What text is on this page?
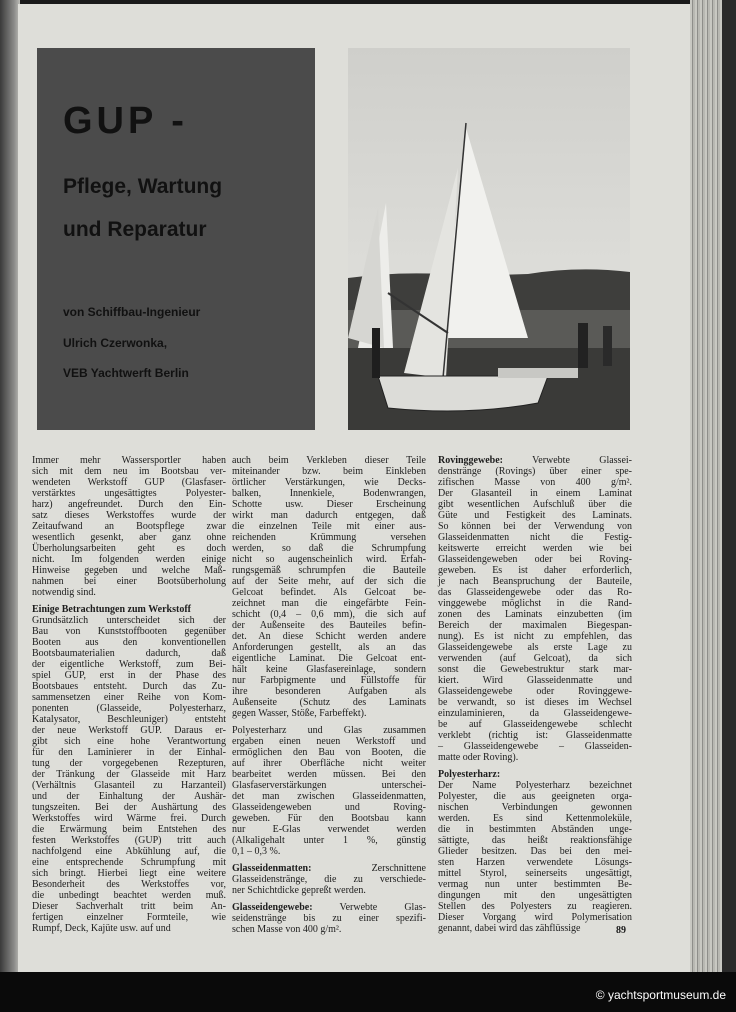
GUP -
Pflege, Wartung
und Reparatur
von Schiffbau-Ingenieur
Ulrich Czerwonka,
VEB Yachtwerft Berlin
Immer mehr Wassersportler haben
sich mit dem neu im Bootsbau ver-
wendeten Werkstoff GUP (Glasfaser-
verstärktes ungesättigtes Polyester-
harz) angefreundet. Durch den Ein-
satz dieses Werkstoffes wurde der
Zeitaufwand an Bootspflege zwar
wesentlich gesenkt, aber ganz ohne
Überholungsarbeiten geht es doch
nicht. Im folgenden werden einige
Hinweise gegeben und welche Maß-
nahmen bei einer Bootsüberholung
notwendig sind.
Einige Betrachtungen zum Werkstoff
Grundsätzlich unterscheidet sich der
Bau von Kunststoffbooten gegenüber
Booten aus den konventionellen
Bootsbaumaterialien dadurch, daß
der eigentliche Werkstoff, zum Bei-
spiel GUP, erst in der Phase des
Bootsbaues entsteht. Durch das Zu-
sammensetzen einer Reihe von Kom-
ponenten (Glasseide, Polyesterharz,
Katalysator, Beschleuniger) entsteht
der neue Werkstoff GUP. Daraus er-
gibt sich eine hohe Verantwortung
für den Laminierer in der Einhal-
tung der vorgegebenen Rezepturen,
der Tränkung der Glasseide mit Harz
(Verhältnis Glasanteil zu Harzanteil)
und der Einhaltung der Aushär-
tungszeiten. Bei der Aushärtung des
Werkstoffes wird Wärme frei. Durch
die Erwärmung beim Entstehen des
festen Werkstoffes (GUP) tritt auch
nachfolgend eine Abkühlung auf, die
eine entsprechende Schrumpfung mit
sich bringt. Hierbei liegt eine weitere
Besonderheit des Werkstoffes vor,
die unbedingt beachtet werden muß.
Dieser Sachverhalt tritt beim An-
fertigen einzelner Formteile, wie
Rumpf, Deck, Kajüte usw. auf und
auch beim Verkleben dieser Teile
miteinander bzw. beim Einkleben
örtlicher Verstärkungen, wie Decks-
balken, Innenkiele, Bodenwrangen,
Schotte usw. Dieser Erscheinung
wirkt man dadurch entgegen, daß
die einzelnen Teile mit einer aus-
reichenden Krümmung versehen
werden, so daß die Schrumpfung
nicht so augenscheinlich wird. Erfah-
rungsgemäß schrumpfen die Bauteile
auf der Seite mehr, auf der sich die
Gelcoat befindet. Als Gelcoat be-
zeichnet man die eingefärbte Fein-
schicht (0,4 – 0,6 mm), die sich auf
der Außenseite des Bauteiles befin-
det. An diese Schicht werden andere
Anforderungen gestellt, als an das
eigentliche Laminat. Die Gelcoat ent-
hält keine Glasfasereinlage, sondern
nur Farbpigmente und Füllstoffe für
ihre besonderen Aufgaben als
Außenseite (Schutz des Laminats
gegen Wasser, Stöße, Farbeffekt).
Polyesterharz und Glas zusammen
ergaben einen neuen Werkstoff und
ermöglichen den Bau von Booten, die
auf ihrer Oberfläche nicht weiter
bearbeitet werden müssen. Bei den
Glasfaserverstärkungen unterschei-
det man zwischen Glasseidenmatten,
Glasseidengeweben und Roving-
geweben. Für den Bootsbau kann
nur E-Glas verwendet werden
(Alkaligehalt unter 1 %, günstig
0,1 – 0,3 %.
Glasseidenmatten: Zerschnittene
Glasseidenstränge, die zu verschiede-
ner Schichtdicke gepreßt werden.
Glasseidengewebe: Verwebte Glas-
seidenstränge bis zu einer spezifi-
schen Masse von 400 g/m².
Rovinggewebe: Verwebte Glassei-
denstränge (Rovings) über einer spe-
zifischen Masse von 400 g/m².
Der Glasanteil in einem Laminat
gibt wesentlichen Aufschluß über die
Güte und Festigkeit des Laminats.
So können bei der Verwendung von
Glasseidenmatten nicht die Festig-
keitswerte erreicht werden wie bei
Glasseidengeweben oder bei Roving-
geweben. Es ist daher erforderlich,
je nach Beanspruchung der Bauteile,
das Glasseidengewebe oder das Ro-
vinggewebe möglichst in die Rand-
zonen des Laminats einzubetten (im
Bereich der maximalen Biegespan-
nung). Es ist nicht zu empfehlen, das
Glasseidengewebe als erste Lage zu
verwenden (auf Gelcoat), da sich
sonst die Gewebestruktur stark mar-
kiert. Wird Glasseidenmatte und
Glasseidengewebe oder Rovinggewe-
be verwandt, so ist dieses im Wechsel
einzulaminieren, da Glasseidengewe-
be auf Glasseidengewebe schlecht
verklebt (richtig ist: Glasseidenmatte
– Glasseidengewebe – Glasseiden-
matte oder Roving).
Polyesterharz:
Der Name Polyesterharz bezeichnet
Polyester, die aus geeigneten orga-
nischen Verbindungen gewonnen
werden. Es sind Kettenmoleküle,
die in bestimmten Abständen unge-
sättigte, das heißt reaktionsfähige
Glieder besitzen. Das bei den mei-
sten Harzen verwendete Lösungs-
mittel Styrol, seinerseits ungesättigt,
vermag nun unter bestimmten Be-
dingungen mit den ungesättigten
Stellen des Polyesters zu reagieren.
Dieser Vorgang wird Polymerisation
genannt, dabei wird das zähflüssige	89
© yachtsportmuseum.de
